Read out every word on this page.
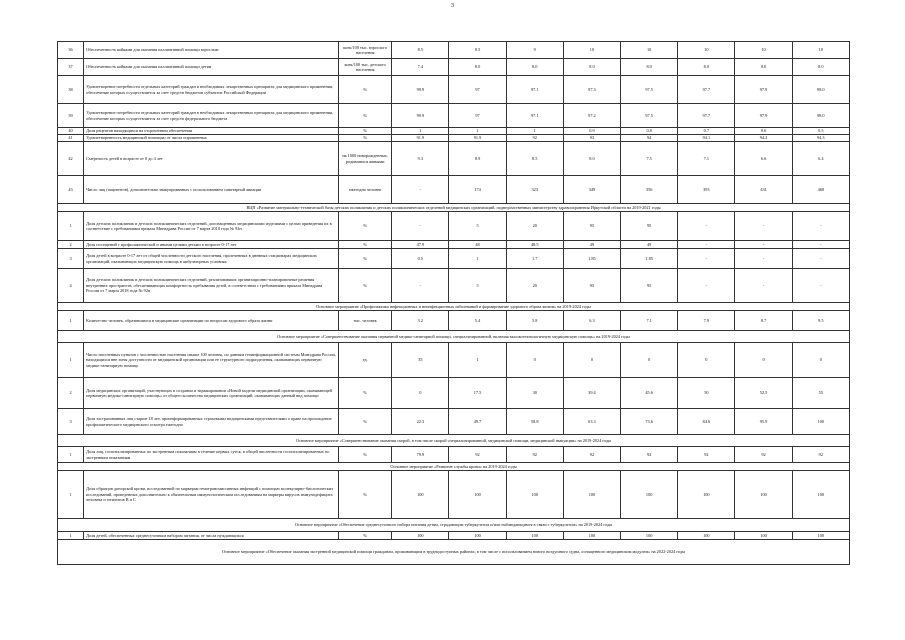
3
36	Обеспеченность койками для оказания паллиативной помощи взрослым	коек/100 тыс. взрослого населения	8.5	8.5	9	10	10	10	10	10
37	Обеспеченность койками для оказания паллиативной помощи детям	коек/100 тыс. детского населения	7.4	8.0	8.0	8.0	8.0	8.0	8.0	8.0
38	Удовлетворение потребности отдельных категорий граждан в необходимых лекарственных препаратах для медицинского применения, обеспечение которых осуществляется за счет средств бюджетов субъектов Российской Федерации	%	99.9	97	97.1	97.3	97.5	97.7	97.9	98.0
39	Удовлетворение потребности отдельных категорий граждан в необходимых лекарственных препаратах для медицинского применения, обеспечение которых осуществляется за счет средств федерального бюджета	%	99.9	97	97.1	97.2	97.5	97.7	97.9	98.0
40	Доля рецептов находящихся на отсроченном обеспечении	%	1	1	1	0.9	0.8	0.7	0.6	0.5
41	Удовлетворенность медицинской помощью от числа опрошенных	%	91.9	91.9	92	93	94	94.1	94.2	94.3
42	Смертность детей в возрасте от 0 до 4 лет	на 1000 новорожденных, родившихся живыми	9.3	8.9	8.5	8.0	7.5	7.1	6.6	6.4
43	Число лиц (пациентов), дополнительно эвакуированных с использованием санитарной авиации	ежегодно человек	-	174	323	349	356	393	431	468
ВЦП «Развитие материально-технической базы детских поликлиник и детских поликлинических отделений медицинских организаций, подведомственных министерству здравоохранения Иркутской области на 2019-2021 годы										
1	Доля детских поликлиник и детских поликлинических отделений, дооснащенных медицинскими изделиями с целью приведения их в соответствие с требованиями приказа Минздрава России от 7 марта 2018 года № 92н	%	-	5	20	95	95	-	-	-
2	Доля посещений с профилактической и иными целями детьми в возрасте 0-17 лет	%	47.9	48	48.5	49	49	-	-	-
3	Доля детей в возрасте 0-17 лет от общей численности детского населения, пролеченных в дневных стационарах медицинских организаций, оказывающих медицинскую помощь в амбулаторных условиях	%	0.5	1	1.7	1.85	1.85	-	-	-
4	Доля детских поликлиник и детских поликлинических отделений, реализовавших организационно-планировочные решения внутренних пространств, обеспечивающих комфортность пребывания детей, в соответствии с требованиями приказа Минздрава России от 7 марта 2018 года № 92н	%	-	5	20	95	95	-	-	-
Основное мероприятие «Профилактика инфекционных и неинфекционных заболеваний и формирование здорового образа жизни» на 2019-2024 годы										
1	Количество человек, обратившихся в медицинские организации по вопросам здорового образа жизни	тыс. человек	3.2	5.4	5.8	6.3	7.1	7.9	8.7	9.5
Основное мероприятие «Совершенствование оказания первичной медико-санитарной помощи, специализированной, включая высокотехнологичную медицинскую помощь» на 2019-2024 годы										
1	Число населенных пунктов с численностью населения свыше 100 человек, по данным геоинформационной системы Минздрава России, находящихся вне зоны доступности от медицинской организации или ее структурного подразделения, оказывающих первичную медико-санитарную помощь	ед.	35	1	0	0	0	0	0	0
2	Доля медицинских организаций, участвующих в создании и тиражировании «Новой модели медицинской организации, оказывающей первичную медико-санитарную помощь» от общего количества медицинских организаций, оказывающих данный вид помощи	%	0	17.5	30	39.4	45.6	50	52.5	55
3	Доля застрахованных лиц старше 18 лет, проинформированных страховыми медицинскими представителями о праве на прохождение профилактического медицинского осмотра ежегодно	%	22.3	49.7	58.8	63.3	73.6	84.6	95.9	100
Основное мероприятие «Совершенствование оказания скорой, в том числе скорой специализированной, медицинской помощи, медицинской эвакуации» на 2019-2024 годы										
1	Доля лиц, госпитализированных по экстренным показаниям в течение первых суток, в общей численности госпитализированных по экстренным показаниям	%	79.9	92	92	92	92	92	92	92
Основное мероприятие «Развитие службы крови» на 2019-2024 годы										
1	Доля образцов донорской крови, исследованной по маркерам гемотрансмиссивных инфекций с помощью молекулярно-биологических исследований, проведенных дополнительно к обязательным иммунологическим исследованиям на маркеры вирусов иммунодефицита человека и гепатитов В и С	%	100	100	100	100	100	100	100	100
Основное мероприятие «Обеспечение среднесуточного набора питания детям, страдающим туберкулезом и/или наблюдающимся в связи с туберкулезом» на 2019-2024 годы										
1	Доля детей, обеспеченных среднесуточным набором питания, от числа нуждающихся	%	100	100	100	100	100	100	100	100
Основное мероприятие «Обеспечение оказания экстренной медицинской помощи гражданам, проживающим в труднодоступных районах, в том числе с использованием нового воздушного судна, оснащенного медицинским модулем» на 2022-2024 годы										
